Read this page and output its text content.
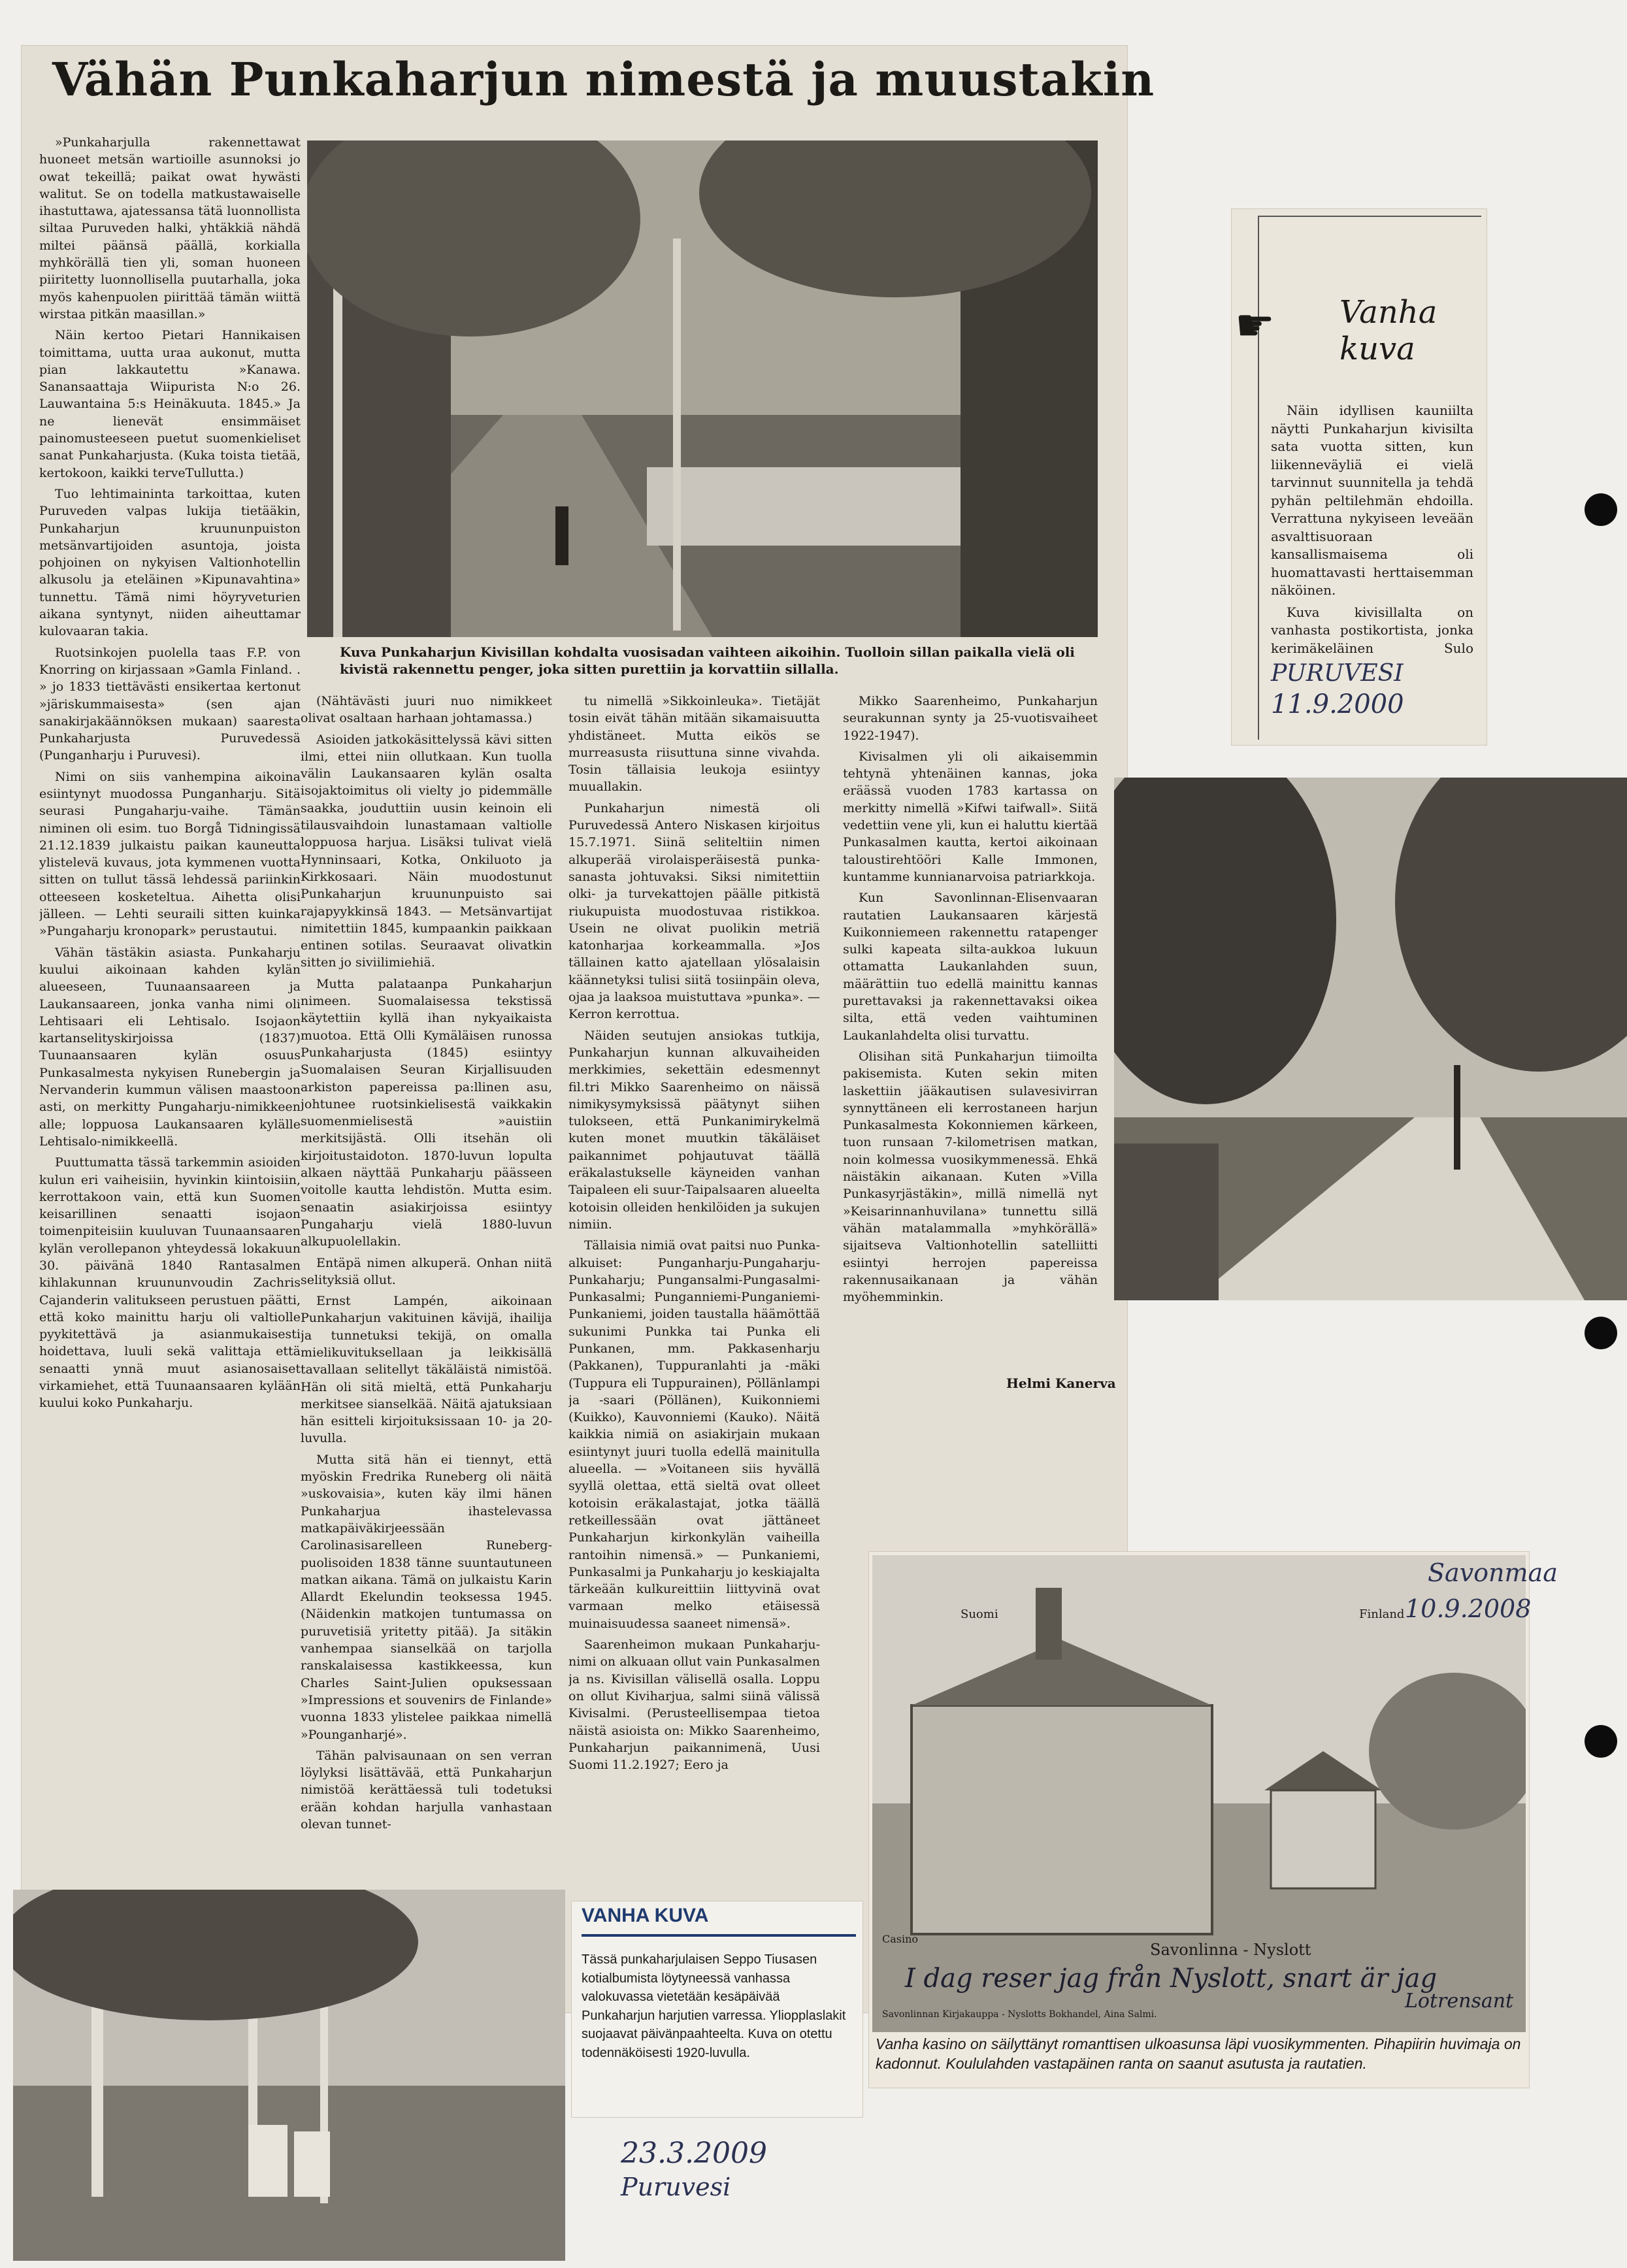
Vähän Punkaharjun nimestä ja muustakin

»Punkaharjulla rakennettawat huoneet metsän wartioille asunnoksi jo owat tekeillä; paikat owat hywästi walitut. Se on todella matkustawaiselle ihastuttawa, ajatessansa tätä luonnollista siltaa Puruveden halki, yhtäkkiä nähdä miltei päänsä päällä, korkialla myhkörällä tien yli, soman huoneen piiritetty luonnollisella puutarhalla, joka myös kahenpuolen piirittää tämän wiittä wirstaa pitkän maasillan.»

Näin kertoo Pietari Hannikaisen toimittama, uutta uraa aukonut, mutta pian lakkautettu »Kanawa. Sanansaattaja Wiipurista N:o 26. Lauwantaina 5:s Heinäkuuta. 1845.» Ja ne lienevät ensimmäiset painomusteeseen puetut suomenkieliset sanat Punkaharjusta. (Kuka toista tietää, kertokoon, kaikki terveTullutta.)

Tuo lehtimaininta tarkoittaa, kuten Puruveden valpas lukija tietääkin, Punkaharjun kruununpuiston metsänvartijoiden asuntoja, joista pohjoinen on nykyisen Valtionhotellin alkusolu ja eteläinen »Kipunavahtina» tunnettu. Tämä nimi höyryveturien aikana syntynyt, niiden aiheuttamar kulovaaran takia.

Ruotsinkojen puolella taas F.P. von Knorring on kirjassaan »Gamla Finland. . » jo 1833 tiettävästi ensikertaa kertonut »järiskummaisesta» (sen ajan sanakirjakäännöksen mukaan) saaresta Punkaharjusta Puruvedessä (Punganharju i Puruvesi).

Nimi on siis vanhempina aikoina esiintynyt muodossa Punganharju. Sitä seurasi Pungaharju-vaihe. Tämän niminen oli esim. tuo Borgå Tidningissä 21.12.1839 julkaistu paikan kauneutta ylistelevä kuvaus, jota kymmenen vuotta sitten on tullut tässä lehdessä pariinkin otteeseen kosketeltua. Aihetta olisi jälleen. — Lehti seuraili sitten kuinka »Pungaharju kronopark» perustautui.

Vähän tästäkin asiasta. Punkaharju kuului aikoinaan kahden kylän alueeseen, Tuunaansaareen ja Laukansaareen, jonka vanha nimi oli Lehtisaari eli Lehtisalo. Isojaon kartanselityskirjoissa (1837) Tuunaansaaren kylän osuus Punkasalmesta nykyisen Runebergin ja Nervanderin kummun välisen maastoon asti, on merkitty Pungaharju-nimikkeen alle; loppuosa Laukansaaren kylälle Lehtisalo-nimikkeellä.

Puuttumatta tässä tarkemmin asioiden kulun eri vaiheisiin, hyvinkin kiintoisiin, kerrottakoon vain, että kun Suomen keisarillinen senaatti isojaon toimenpiteisiin kuuluvan Tuunaansaaren kylän verollepanon yhteydessä lokakuun 30. päivänä 1840 Rantasalmen kihlakunnan kruununvoudin Zachris Cajanderin valitukseen perustuen päätti, että koko mainittu harju oli valtiolle pyykitettävä ja asianmukaisesti hoidettava, luuli sekä valittaja että senaatti ynnä muut asianosaiset virkamiehet, että Tuunaansaaren kylään kuului koko Punkaharju.

Kuva Punkaharjun Kivisillan kohdalta vuosisadan vaihteen aikoihin. Tuolloin sillan paikalla vielä oli kivistä rakennettu penger, joka sitten purettiin ja korvattiin sillalla.

(Nähtävästi juuri nuo nimikkeet olivat osaltaan harhaan johtamassa.)

Asioiden jatkokäsittelyssä kävi sitten ilmi, ettei niin ollutkaan. Kun tuolla välin Laukansaaren kylän osalta isojaktoimitus oli vielty jo pidemmälle saakka, jouduttiin uusin keinoin eli tilausvaihdoin lunastamaan valtiolle loppuosa harjua. Lisäksi tulivat vielä Hynninsaari, Kotka, Onkiluoto ja Kirkkosaari. Näin muodostunut Punkaharjun kruununpuisto sai rajapyykkinsä 1843. — Metsänvartijat nimitettiin 1845, kumpaankin paikkaan entinen sotilas. Seuraavat olivatkin sitten jo siviilimiehiä.

Mutta palataanpa Punkaharjun nimeen. Suomalaisessa tekstissä käytettiin kyllä ihan nykyaikaista muotoa. Että Olli Kymäläisen runossa Punkaharjusta (1845) esiintyy Suomalaisen Seuran Kirjallisuuden arkiston papereissa pa:llinen asu, johtunee ruotsinkielisestä vaikkakin suomenmielisestä »auistiin merkitsijästä. Olli itsehän oli kirjoitustaidoton. 1870-luvun lopulta alkaen näyttää Punkaharju päässeen voitolle kautta lehdistön. Mutta esim. senaatin asiakirjoissa esiintyy Pungaharju vielä 1880-luvun alkupuolellakin.

Entäpä nimen alkuperä. Onhan niitä selityksiä ollut.

Ernst Lampén, aikoinaan Punkaharjun vakituinen kävijä, ihailija ja tunnetuksi tekijä, on omalla mielikuvituksellaan ja leikkisällä tavallaan selitellyt täkäläistä nimistöä. Hän oli sitä mieltä, että Punkaharju merkitsee sianselkää. Näitä ajatuksiaan hän esitteli kirjoituksissaan 10- ja 20-luvulla.

Mutta sitä hän ei tiennyt, että myöskin Fredrika Runeberg oli näitä »uskovaisia», kuten käy ilmi hänen Punkaharjua ihastelevassa matkapäiväkirjeessään Carolinasisarelleen Runeberg-puolisoiden 1838 tänne suuntautuneen matkan aikana. Tämä on julkaistu Karin Allardt Ekelundin teoksessa 1945. (Näidenkin matkojen tuntumassa on puruvetisiä yritetty pitää). Ja sitäkin vanhempaa sianselkää on tarjolla ranskalaisessa kastikkeessa, kun Charles Saint-Julien opuksessaan »Impressions et souvenirs de Finlande» vuonna 1833 ylistelee paikkaa nimellä »Pounganharjé».

Tähän palvisaunaan on sen verran löylyksi lisättävää, että Punkaharjun nimistöä kerättäessä tuli todetuksi erään kohdan harjulla vanhastaan olevan tunnet-

tu nimellä »Sikkoinleuka». Tietäjät tosin eivät tähän mitään sikamaisuutta yhdistäneet. Mutta eikös se murreasusta riisuttuna sinne vivahda. Tosin tällaisia leukoja esiintyy muuallakin.

Punkaharjun nimestä oli Puruvedessä Antero Niskasen kirjoitus 15.7.1971. Siinä seliteltiin nimen alkuperää virolaisperäisestä punka-sanasta johtuvaksi. Siksi nimitettiin olki- ja turvekattojen päälle pitkistä riukupuista muodostuvaa ristikkoa. Usein ne olivat puolikin metriä katonharjaa korkeammalla. »Jos tällainen katto ajatellaan ylösalaisin käännetyksi tulisi siitä tosiinpäin oleva, ojaa ja laaksoa muistuttava »punka». — Kerron kerrottua.

Näiden seutujen ansiokas tutkija, Punkaharjun kunnan alkuvaiheiden merkkimies, sekettäin edesmennyt fil.tri Mikko Saarenheimo on näissä nimikysymyksissä päätynyt siihen tulokseen, että Punkanimirykelmä kuten monet muutkin täkäläiset paikannimet pohjautuvat täällä eräkalastukselle käyneiden vanhan Taipaleen eli suur-Taipalsaaren alueelta kotoisin olleiden henkilöiden ja sukujen nimiin.

Tällaisia nimiä ovat paitsi nuo Punka-alkuiset: Punganharju-Pungaharju-Punkaharju; Pungansalmi-Pungasalmi-Punkasalmi; Punganniemi-Punganiemi-Punkaniemi, joiden taustalla häämöttää sukunimi Punkka tai Punka eli Punkanen, mm. Pakkasenharju (Pakkanen), Tuppuranlahti ja -mäki (Tuppura eli Tuppurainen), Pöllänlampi ja -saari (Pöllänen), Kuikonniemi (Kuikko), Kauvonniemi (Kauko). Näitä kaikkia nimiä on asiakirjain mukaan esiintynyt juuri tuolla edellä mainitulla alueella. — »Voitaneen siis hyvällä syyllä olettaa, että sieltä ovat olleet kotoisin eräkalastajat, jotka täällä retkeillessään ovat jättäneet Punkaharjun kirkonkylän vaiheilla rantoihin nimensä.» — Punkaniemi, Punkasalmi ja Punkaharju jo keskiajalta tärkeään kulkureittiin liittyvinä ovat varmaan melko etäisessä muinaisuudessa saaneet nimensä».

Saarenheimon mukaan Punkaharju-nimi on alkuaan ollut vain Punkasalmen ja ns. Kivisillan välisellä osalla. Loppu on ollut Kiviharjua, salmi siinä välissä Kivisalmi. (Perusteellisempaa tietoa näistä asioista on: Mikko Saarenheimo, Punkaharjun paikannimenä, Uusi Suomi 11.2.1927; Eero ja

Mikko Saarenheimo, Punkaharjun seurakunnan synty ja 25-vuotisvaiheet 1922-1947).

Kivisalmen yli oli aikaisemmin tehtynä yhtenäinen kannas, joka eräässä vuoden 1783 kartassa on merkitty nimellä »Kifwi taifwall». Siitä vedettiin vene yli, kun ei haluttu kiertää Punkasalmen kautta, kertoi aikoinaan taloustirehtööri Kalle Immonen, kuntamme kunnianarvoisa patriarkkoja.

Kun Savonlinnan-Elisenvaaran rautatien Laukansaaren kärjestä Kuikonniemeen rakennettu ratapenger sulki kapeata silta-aukkoa lukuun ottamatta Laukanlahden suun, määrättiin tuo edellä mainittu kannas purettavaksi ja rakennettavaksi oikea silta, että veden vaihtuminen Laukanlahdelta olisi turvattu.

Olisihan sitä Punkaharjun tiimoilta pakisemista. Kuten sekin miten laskettiin jääkautisen sulavesivirran synnyttäneen eli kerrostaneen harjun Punkasalmesta Kokonniemen kärkeen, tuon runsaan 7-kilometrisen matkan, noin kolmessa vuosikymmenessä. Ehkä näistäkin aikanaan. Kuten »Villa Punkasyrjästäkin», millä nimellä nyt »Keisarinnanhuvilana» tunnettu sillä vähän matalammalla »myhkörällä» sijaitseva Valtionhotellin satelliitti esiintyi herrojen papereissa rakennusaikanaan ja vähän myöhemminkin.

Helmi Kanerva
☛ Vanha kuva

Näin idyllisen kauniilta näytti Punkaharjun kivisilta sata vuotta sitten, kun liikenneväyliä ei vielä tarvinnut suunnitella ja tehdä pyhän peltilehmän ehdoilla. Verrattuna nykyiseen leveään asvalttisuoraan kansallismaisema oli huomattavasti herttaisemman näköinen.

Kuva kivisillalta on vanhasta postikortista, jonka kerimäkeläinen Sulo

PURUVESI
11.9.2000
Suomi	Finland
Savonmaa
10.9.2008
Casino
Savonlinna - Nyslott
I dag reser jag från Nyslott, snart är jag
Lotrensant
Savonlinnan Kirjakauppa - Nyslotts Bokhandel, Aina Salmi.
Vanha kasino on säilyttänyt romanttisen ulkoasunsa läpi vuosikymmenten. Pihapiirin huvimaja on kadonnut. Koululahden vastapäinen ranta on saanut asutusta ja rautatien.
VANHA KUVA
Tässä punkaharjulaisen Seppo Tiusasen kotialbumista löytyneessä vanhassa valokuvassa vietetään kesäpäivää Punkaharjun harjutien varressa. Yliopplaslakit suojaavat päivänpaahteelta. Kuva on otettu todennäköisesti 1920-luvulla.
23.3.2009
Puruvesi
